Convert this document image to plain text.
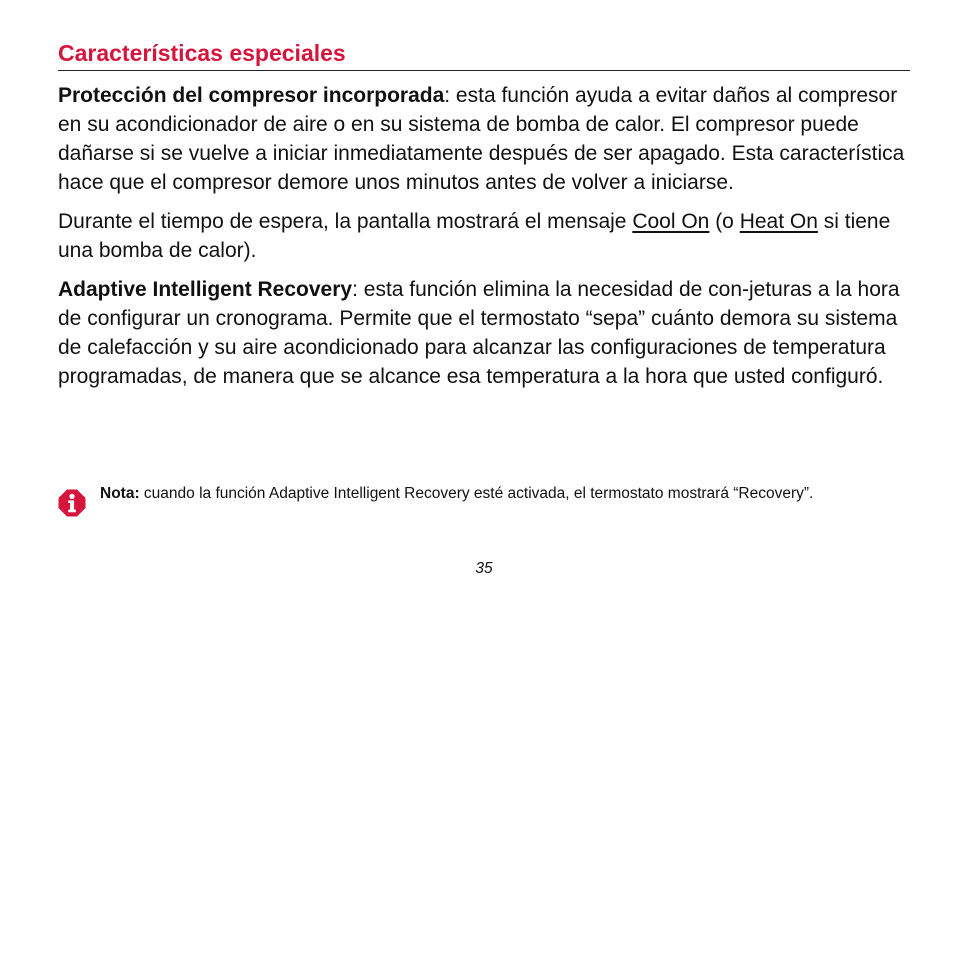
Características especiales

Protección del compresor incorporada: esta función ayuda a evitar daños al compresor en su acondicionador de aire o en su sistema de bomba de calor. El compresor puede dañarse si se vuelve a iniciar inmediatamente después de ser apagado. Esta característica hace que el compresor demore unos minutos antes de volver a iniciarse.

Durante el tiempo de espera, la pantalla mostrará el mensaje Cool On (o Heat On si tiene una bomba de calor).

Adaptive Intelligent Recovery: esta función elimina la necesidad de con-jeturas a la hora de configurar un cronograma. Permite que el termostato “sepa” cuánto demora su sistema de calefacción y su aire acondicionado para alcanzar las configuraciones de temperatura programadas, de manera que se alcance esa temperatura a la hora que usted configuró.

Nota: cuando la función Adaptive Intelligent Recovery esté activada, el termostato mostrará “Recovery”.
35
